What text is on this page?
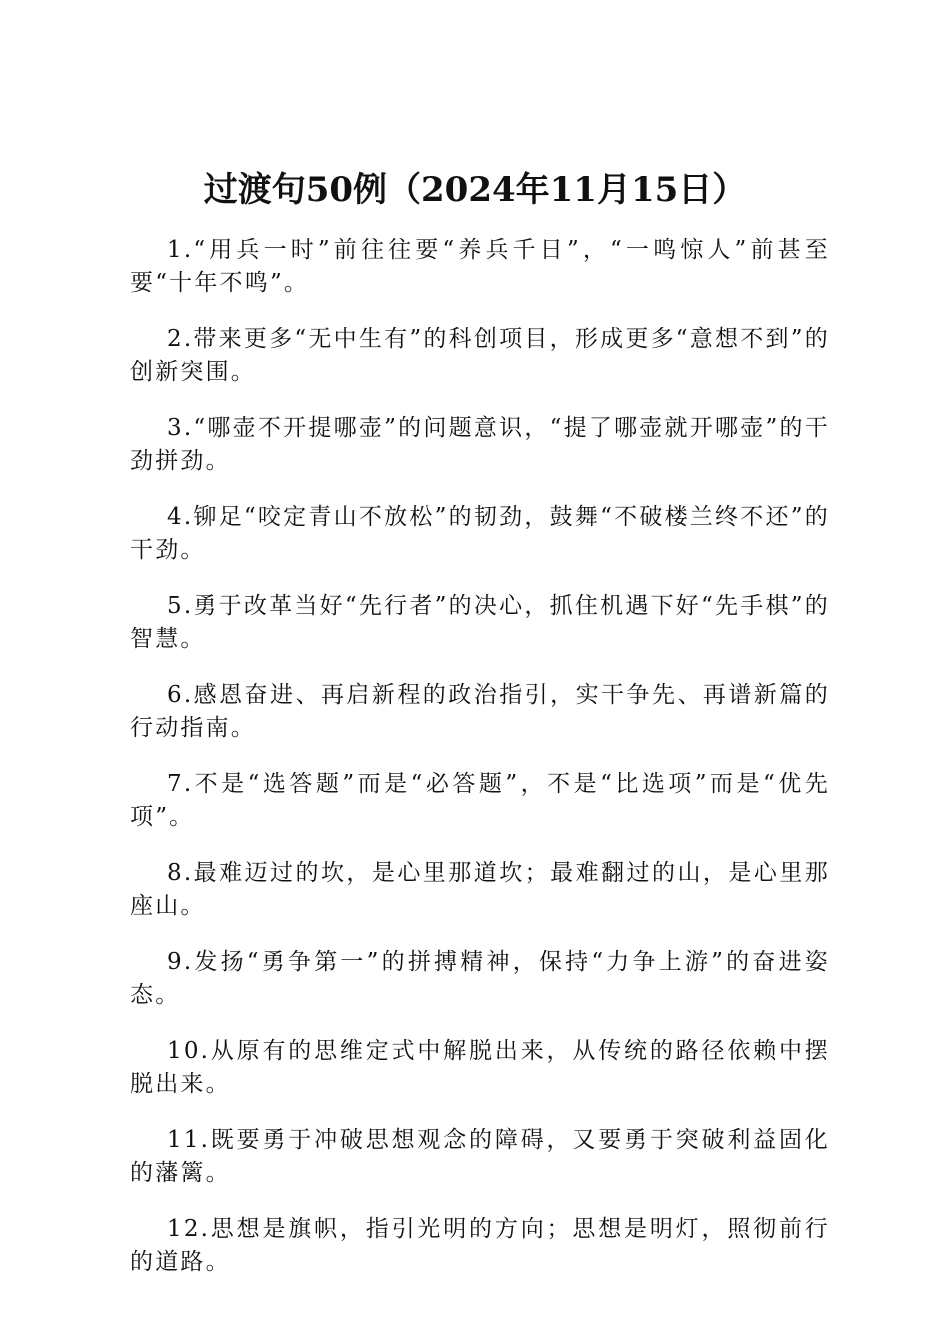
过渡句50例（2024年11月15日）

1.“用兵一时”前往往要“养兵千日”，“一鸣惊人”前甚至要“十年不鸣”。

2.带来更多“无中生有”的科创项目，形成更多“意想不到”的创新突围。

3.“哪壶不开提哪壶”的问题意识，“提了哪壶就开哪壶”的干劲拼劲。

4.铆足“咬定青山不放松”的韧劲，鼓舞“不破楼兰终不还”的干劲。

5.勇于改革当好“先行者”的决心，抓住机遇下好“先手棋”的智慧。

6.感恩奋进、再启新程的政治指引，实干争先、再谱新篇的行动指南。

7.不是“选答题”而是“必答题”，不是“比选项”而是“优先项”。

8.最难迈过的坎，是心里那道坎；最难翻过的山，是心里那座山。

9.发扬“勇争第一”的拼搏精神，保持“力争上游”的奋进姿态。

10.从原有的思维定式中解脱出来，从传统的路径依赖中摆脱出来。

11.既要勇于冲破思想观念的障碍，又要勇于突破利益固化的藩篱。

12.思想是旗帜，指引光明的方向；思想是明灯，照彻前行的道路。
